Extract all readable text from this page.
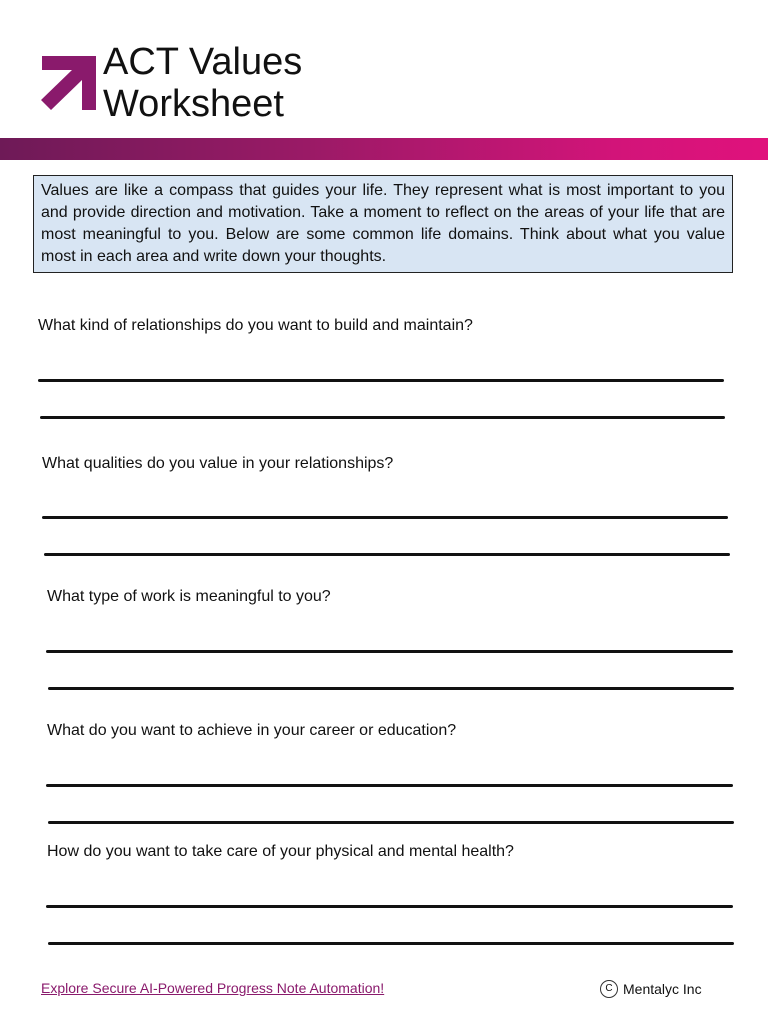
ACT Values
Worksheet
Values are like a compass that guides your life. They represent what is most important to you and provide direction and motivation. Take a moment to reflect on the areas of your life that are most meaningful to you. Below are some common life domains. Think about what you value most in each area and write down your thoughts.
What kind of relationships do you want to build and maintain?
What qualities do you value in your relationships?
What type of work is meaningful to you?
What do you want to achieve in your career or education?
How do you want to take care of your physical and mental health?
Explore Secure AI-Powered Progress Note Automation!	C Mentalyc Inc
